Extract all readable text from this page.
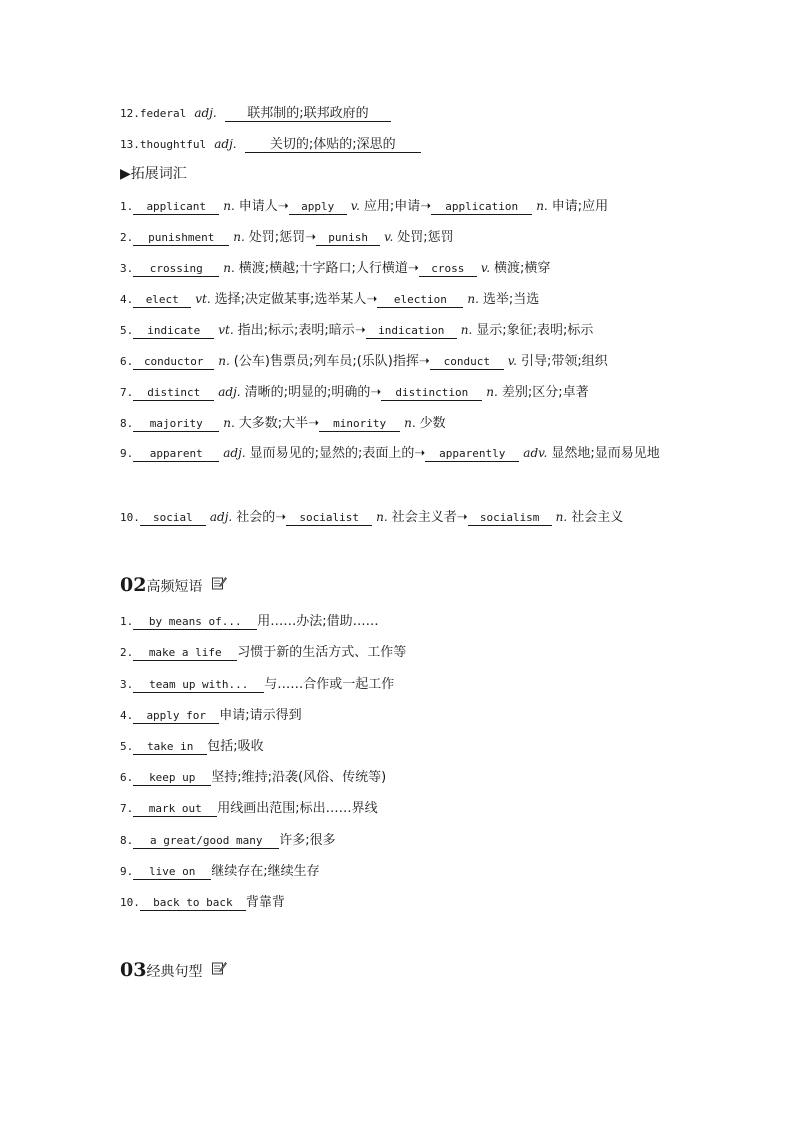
12.federal adj. 联邦制的;联邦政府的
13.thoughtful adj.	关切的;体贴的;深思的
▶拓展词汇
1. applicant n. 申请人➝ apply v. 应用;申请➝ application n. 申请;应用
2. punishment n. 处罚;惩罚➝ punish v. 处罚;惩罚
3. crossing n. 横渡;横越;十字路口;人行横道➝ cross v. 横渡;横穿
4. elect vt. 选择;决定做某事;选举某人➝ election n. 选举;当选
5. indicate vt. 指出;标示;表明;暗示➝ indication n. 显示;象征;表明;标示
6. conductor n. (公车)售票员;列车员;(乐队)指挥➝ conduct v. 引导;带领;组织
7. distinct adj. 清晰的;明显的;明确的➝ distinction n. 差别;区分;卓著
8. majority n. 大多数;大半➝ minority n. 少数
9. apparent adj. 显而易见的;显然的;表面上的➝ apparently adv. 显然地;显而易见地
10. social adj. 社会的➝ socialist n. 社会主义者➝ socialism n. 社会主义
02高频短语
1. by means of... 用……办法;借助……
2. make a life 习惯于新的生活方式、工作等
3. team up with... 与……合作或一起工作
4. apply for 申请;请示得到
5. take in 包括;吸收
6. keep up 坚持;维持;沿袭(风俗、传统等)
7. mark out 用线画出范围;标出……界线
8. a great/good many 许多;很多
9. live on 继续存在;继续生存
10. back to back 背靠背
03经典句型
